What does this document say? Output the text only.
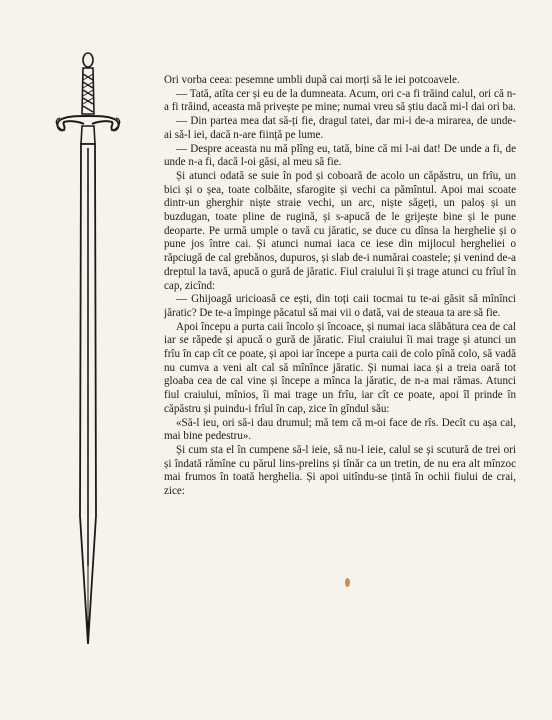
Ori vorba ceea: pesemne umbli după cai morți să le iei potcoavele.

— Tată, atîta cer și eu de la dumneata. Acum, ori c-a fi trăind calul, ori că n-a fi trăind, aceasta mă privește pe mine; numai vreu să știu dacă mi-l dai ori ba.

— Din partea mea dat să-ți fie, dragul tatei, dar mi-i de-a mirarea, de unde-ai să-l iei, dacă n-are ființă pe lume.

— Despre aceasta nu mă plîng eu, tată, bine că mi l-ai dat! De unde a fi, de unde n-a fi, dacă l-oi găsi, al meu să fie.

Și atunci odată se suie în pod și coboară de acolo un căpăstru, un frîu, un bici și o șea, toate colbăite, sfarogite și vechi ca pămîntul. Apoi mai scoate dintr-un gherghir niște straie vechi, un arc, niște săgeți, un paloș și un buzdugan, toate pline de rugină, și s-apucă de le grijește bine și le pune deoparte. Pe urmă umple o tavă cu jăratic, se duce cu dînsa la herghelie și o pune jos între cai. Și atunci numai iaca ce iese din mijlocul hergheliei o răpciugă de cal grebănos, dupuros, și slab de-i numărai coastele; și venind de-a dreptul la tavă, apucă o gură de jăratic. Fiul craiului îi și trage atunci cu frîul în cap, zicînd:

— Ghijoagă uricioasă ce ești, din toți caii tocmai tu te-ai găsit să mînînci jăratic? De te-a împinge păcatul să mai vii o dată, vai de steaua ta are să fie.

Apoi începu a purta caii încolo și încoace, și numai iaca slăbătura cea de cal iar se răpede și apucă o gură de jăratic. Fiul craiului îi mai trage și atunci un frîu în cap cît ce poate, și apoi iar începe a purta caii de colo pînă colo, să vadă nu cumva a veni alt cal să mînînce jăratic. Și numai iaca și a treia oară tot gloaba cea de cal vine și începe a mînca la jăratic, de n-a mai rămas. Atunci fiul craiului, mînios, îi mai trage un frîu, iar cît ce poate, apoi îl prinde în căpăstru și puindu-i frîul în cap, zice în gîndul său:

«Să-l ieu, ori să-i dau drumul; mă tem că m-oi face de rîs. Decît cu așa cal, mai bine pedestru».

Și cum sta el în cumpene să-l ieie, să nu-l ieie, calul se și scutură de trei ori și îndată rămîne cu părul lins-prelins și tînăr ca un tretin, de nu era alt mînzoc mai frumos în toată herghelia. Și apoi uitîndu-se țintă în ochii fiului de crai, zice:
